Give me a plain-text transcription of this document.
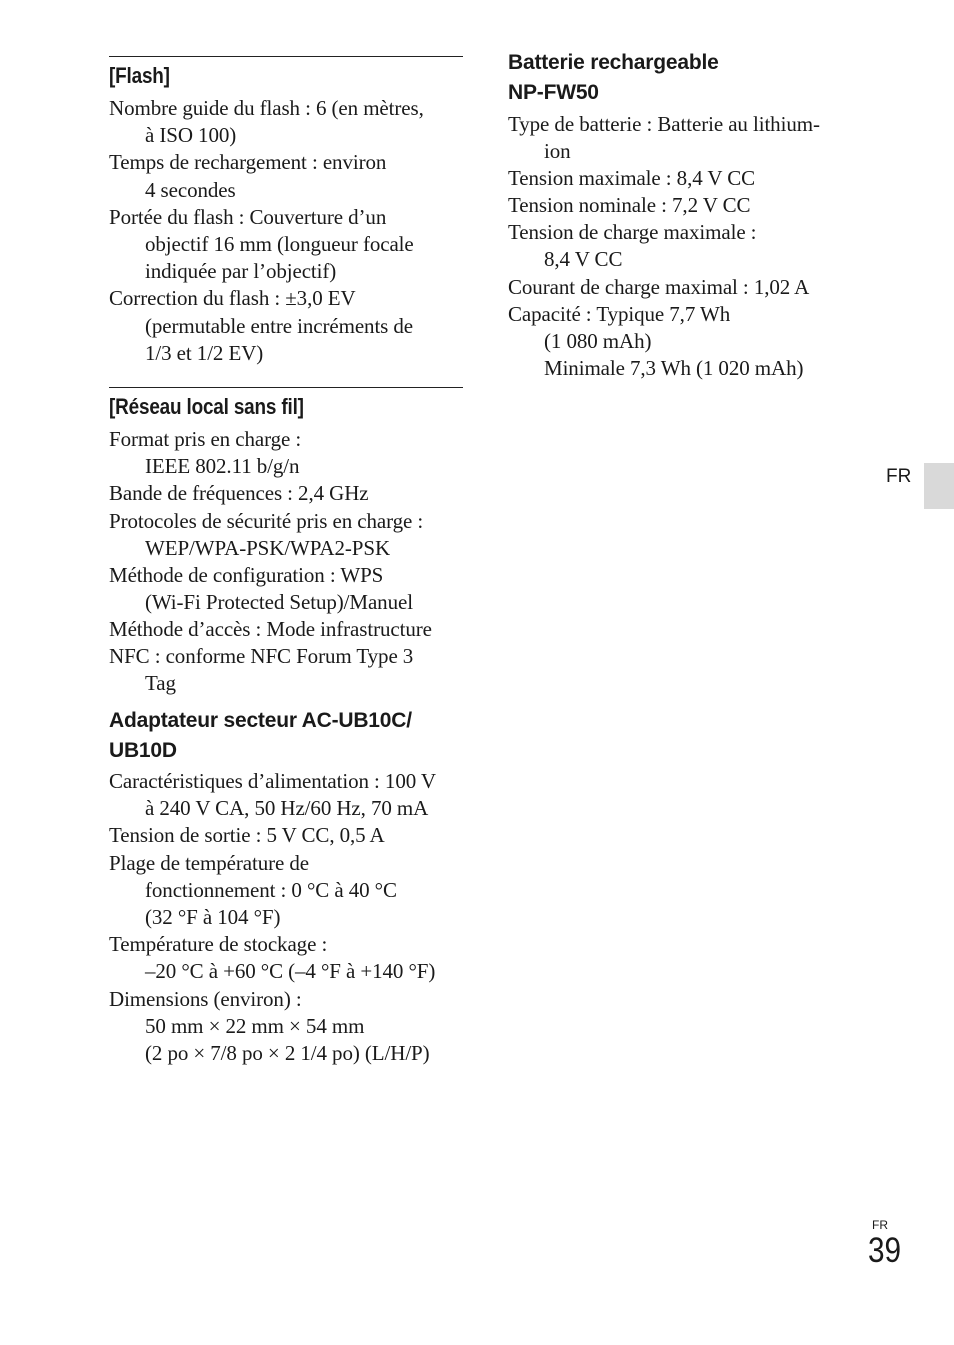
[Flash]
Nombre guide du flash : 6 (en mètres,
à ISO 100)
Temps de rechargement : environ
4 secondes
Portée du flash : Couverture d’un
objectif 16 mm (longueur focale
indiquée par l’objectif)
Correction du flash : ±3,0 EV
(permutable entre incréments de
1/3 et 1/2 EV)
[Réseau local sans fil]
Format pris en charge :
IEEE 802.11 b/g/n
Bande de fréquences : 2,4 GHz
Protocoles de sécurité pris en charge :
WEP/WPA-PSK/WPA2-PSK
Méthode de configuration : WPS
(Wi-Fi Protected Setup)/Manuel
Méthode d’accès : Mode infrastructure
NFC : conforme NFC Forum Type 3
Tag
Adaptateur secteur AC-UB10C/
UB10D
Caractéristiques d’alimentation : 100 V
à 240 V CA, 50 Hz/60 Hz, 70 mA
Tension de sortie : 5 V CC, 0,5 A
Plage de température de
fonctionnement : 0 °C à 40 °C
(32 °F à 104 °F)
Température de stockage :
–20 °C à +60 °C (–4 °F à +140 °F)
Dimensions (environ) :
50 mm × 22 mm × 54 mm
(2 po × 7/8 po × 2 1/4 po) (L/H/P)
Batterie rechargeable
NP-FW50
Type de batterie : Batterie au lithium-
ion
Tension maximale : 8,4 V CC
Tension nominale : 7,2 V CC
Tension de charge maximale :
8,4 V CC
Courant de charge maximal : 1,02 A
Capacité : Typique 7,7 Wh
(1 080 mAh)
Minimale 7,3 Wh (1 020 mAh)
FR
FR
39
